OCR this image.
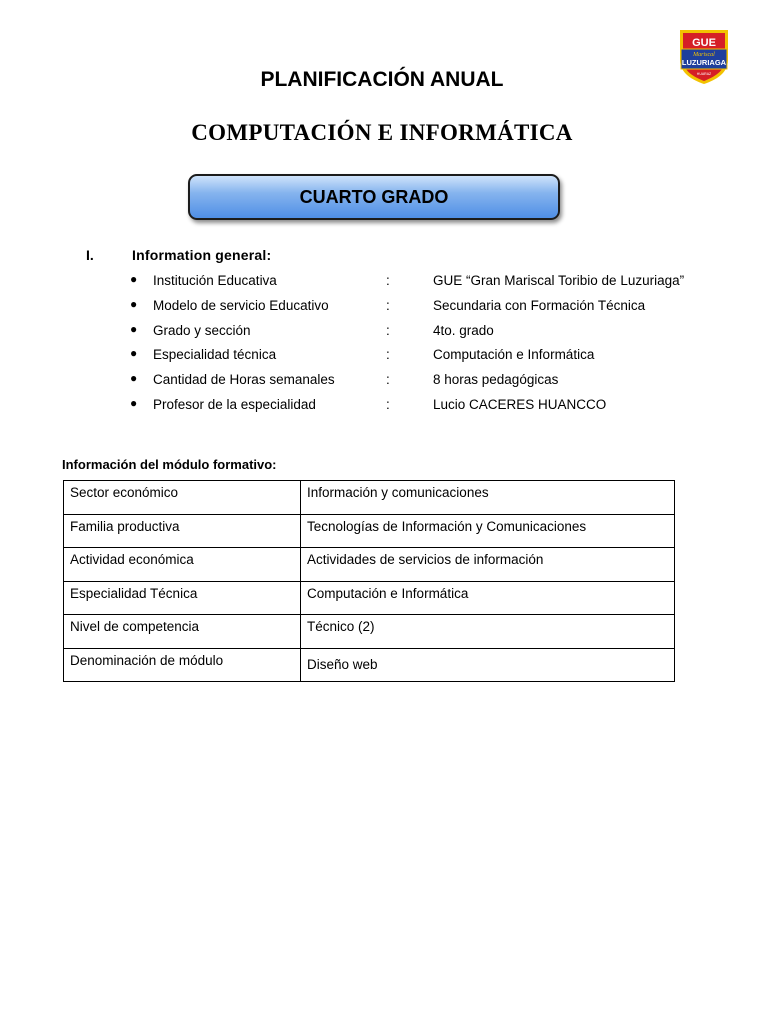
GUE
Mariscal
LUZURIAGA
HUARAZ
PLANIFICACIÓN ANUAL
COMPUTACIÓN E INFORMÁTICA
CUARTO GRADO
I.	Information general:
● Institución Educativa	:	GUE “Gran Mariscal Toribio de Luzuriaga”
● Modelo de servicio Educativo	:	Secundaria con Formación Técnica
● Grado y sección	:	4to. grado
● Especialidad técnica	:	Computación e Informática
● Cantidad de Horas semanales	:	8 horas pedagógicas
● Profesor de la especialidad	:	Lucio CACERES HUANCCO
Información del módulo formativo:
Sector económico	Información y comunicaciones
Familia productiva	Tecnologías de Información y Comunicaciones
Actividad económica	Actividades de servicios de información
Especialidad Técnica	Computación e Informática
Nivel de competencia	Técnico (2)
Denominación de módulo	Diseño web
